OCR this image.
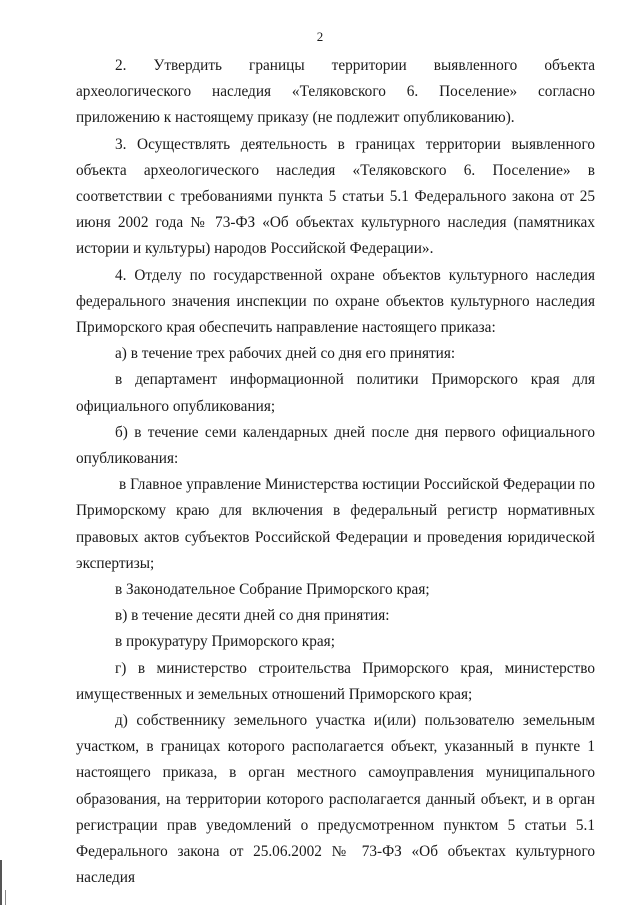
2

2. Утвердить границы территории выявленного объекта археологического наследия «Теляковского 6. Поселение» согласно приложению к настоящему приказу (не подлежит опубликованию).

3. Осуществлять деятельность в границах территории выявленного объекта археологического наследия «Теляковского 6. Поселение» в соответствии с требованиями пункта 5 статьи 5.1 Федерального закона от 25 июня 2002 года № 73-ФЗ «Об объектах культурного наследия (памятниках истории и культуры) народов Российской Федерации».

4. Отделу по государственной охране объектов культурного наследия федерального значения инспекции по охране объектов культурного наследия Приморского края обеспечить направление настоящего приказа:

а) в течение трех рабочих дней со дня его принятия:

в департамент информационной политики Приморского края для официального опубликования;

б) в течение семи календарных дней после дня первого официального опубликования:

в Главное управление Министерства юстиции Российской Федерации по Приморскому краю для включения в федеральный регистр нормативных правовых актов субъектов Российской Федерации и проведения юридической экспертизы;

в Законодательное Собрание Приморского края;

в) в течение десяти дней со дня принятия:

в прокуратуру Приморского края;

г) в министерство строительства Приморского края, министерство имущественных и земельных отношений Приморского края;

д) собственнику земельного участка и(или) пользователю земельным участком, в границах которого располагается объект, указанный в пункте 1 настоящего приказа, в орган местного самоуправления муниципального образования, на территории которого располагается данный объект, и в орган регистрации прав уведомлений о предусмотренном пунктом 5 статьи 5.1 Федерального закона от 25.06.2002 № 73-ФЗ «Об объектах культурного наследия
